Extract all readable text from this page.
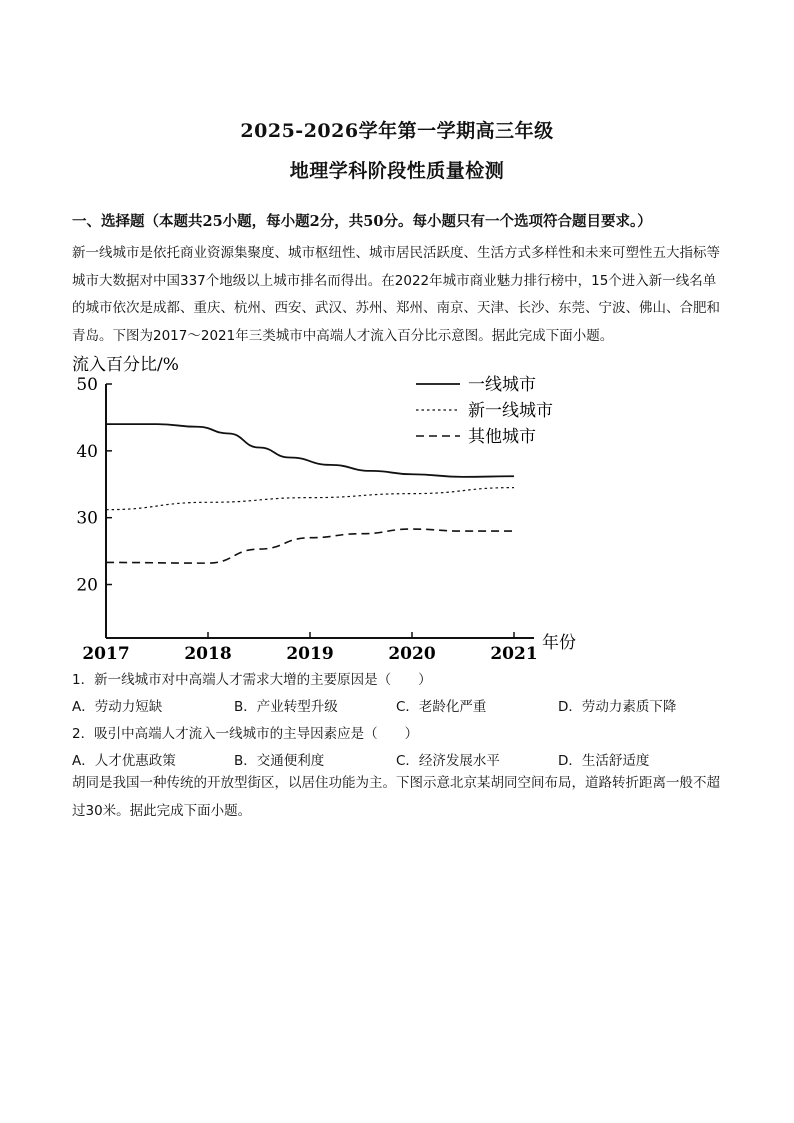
2025-2026学年第一学期高三年级
地理学科阶段性质量检测
一、选择题（本题共25小题，每小题2分，共50分。每小题只有一个选项符合题目要求。）
新一线城市是依托商业资源集聚度、城市枢纽性、城市居民活跃度、生活方式多样性和未来可塑性五大指标等城市大数据对中国337个地级以上城市排名而得出。在2022年城市商业魅力排行榜中，15个进入新一线名单的城市依次是成都、重庆、杭州、西安、武汉、苏州、郑州、南京、天津、长沙、东莞、宁波、佛山、合肥和青岛。下图为2017～2021年三类城市中高端人才流入百分比示意图。据此完成下面小题。
流入百分比/%
20
30
40
50
2017	2018	2019	2020	2021
年份
一线城市
新一线城市
其他城市
1．新一线城市对中高端人才需求大增的主要原因是（　　）
A．劳动力短缺	B．产业转型升级	C．老龄化严重	D．劳动力素质下降
2．吸引中高端人才流入一线城市的主导因素应是（　　）
A．人才优惠政策	B．交通便利度	C．经济发展水平	D．生活舒适度
胡同是我国一种传统的开放型街区，以居住功能为主。下图示意北京某胡同空间布局，道路转折距离一般不超过30米。据此完成下面小题。
